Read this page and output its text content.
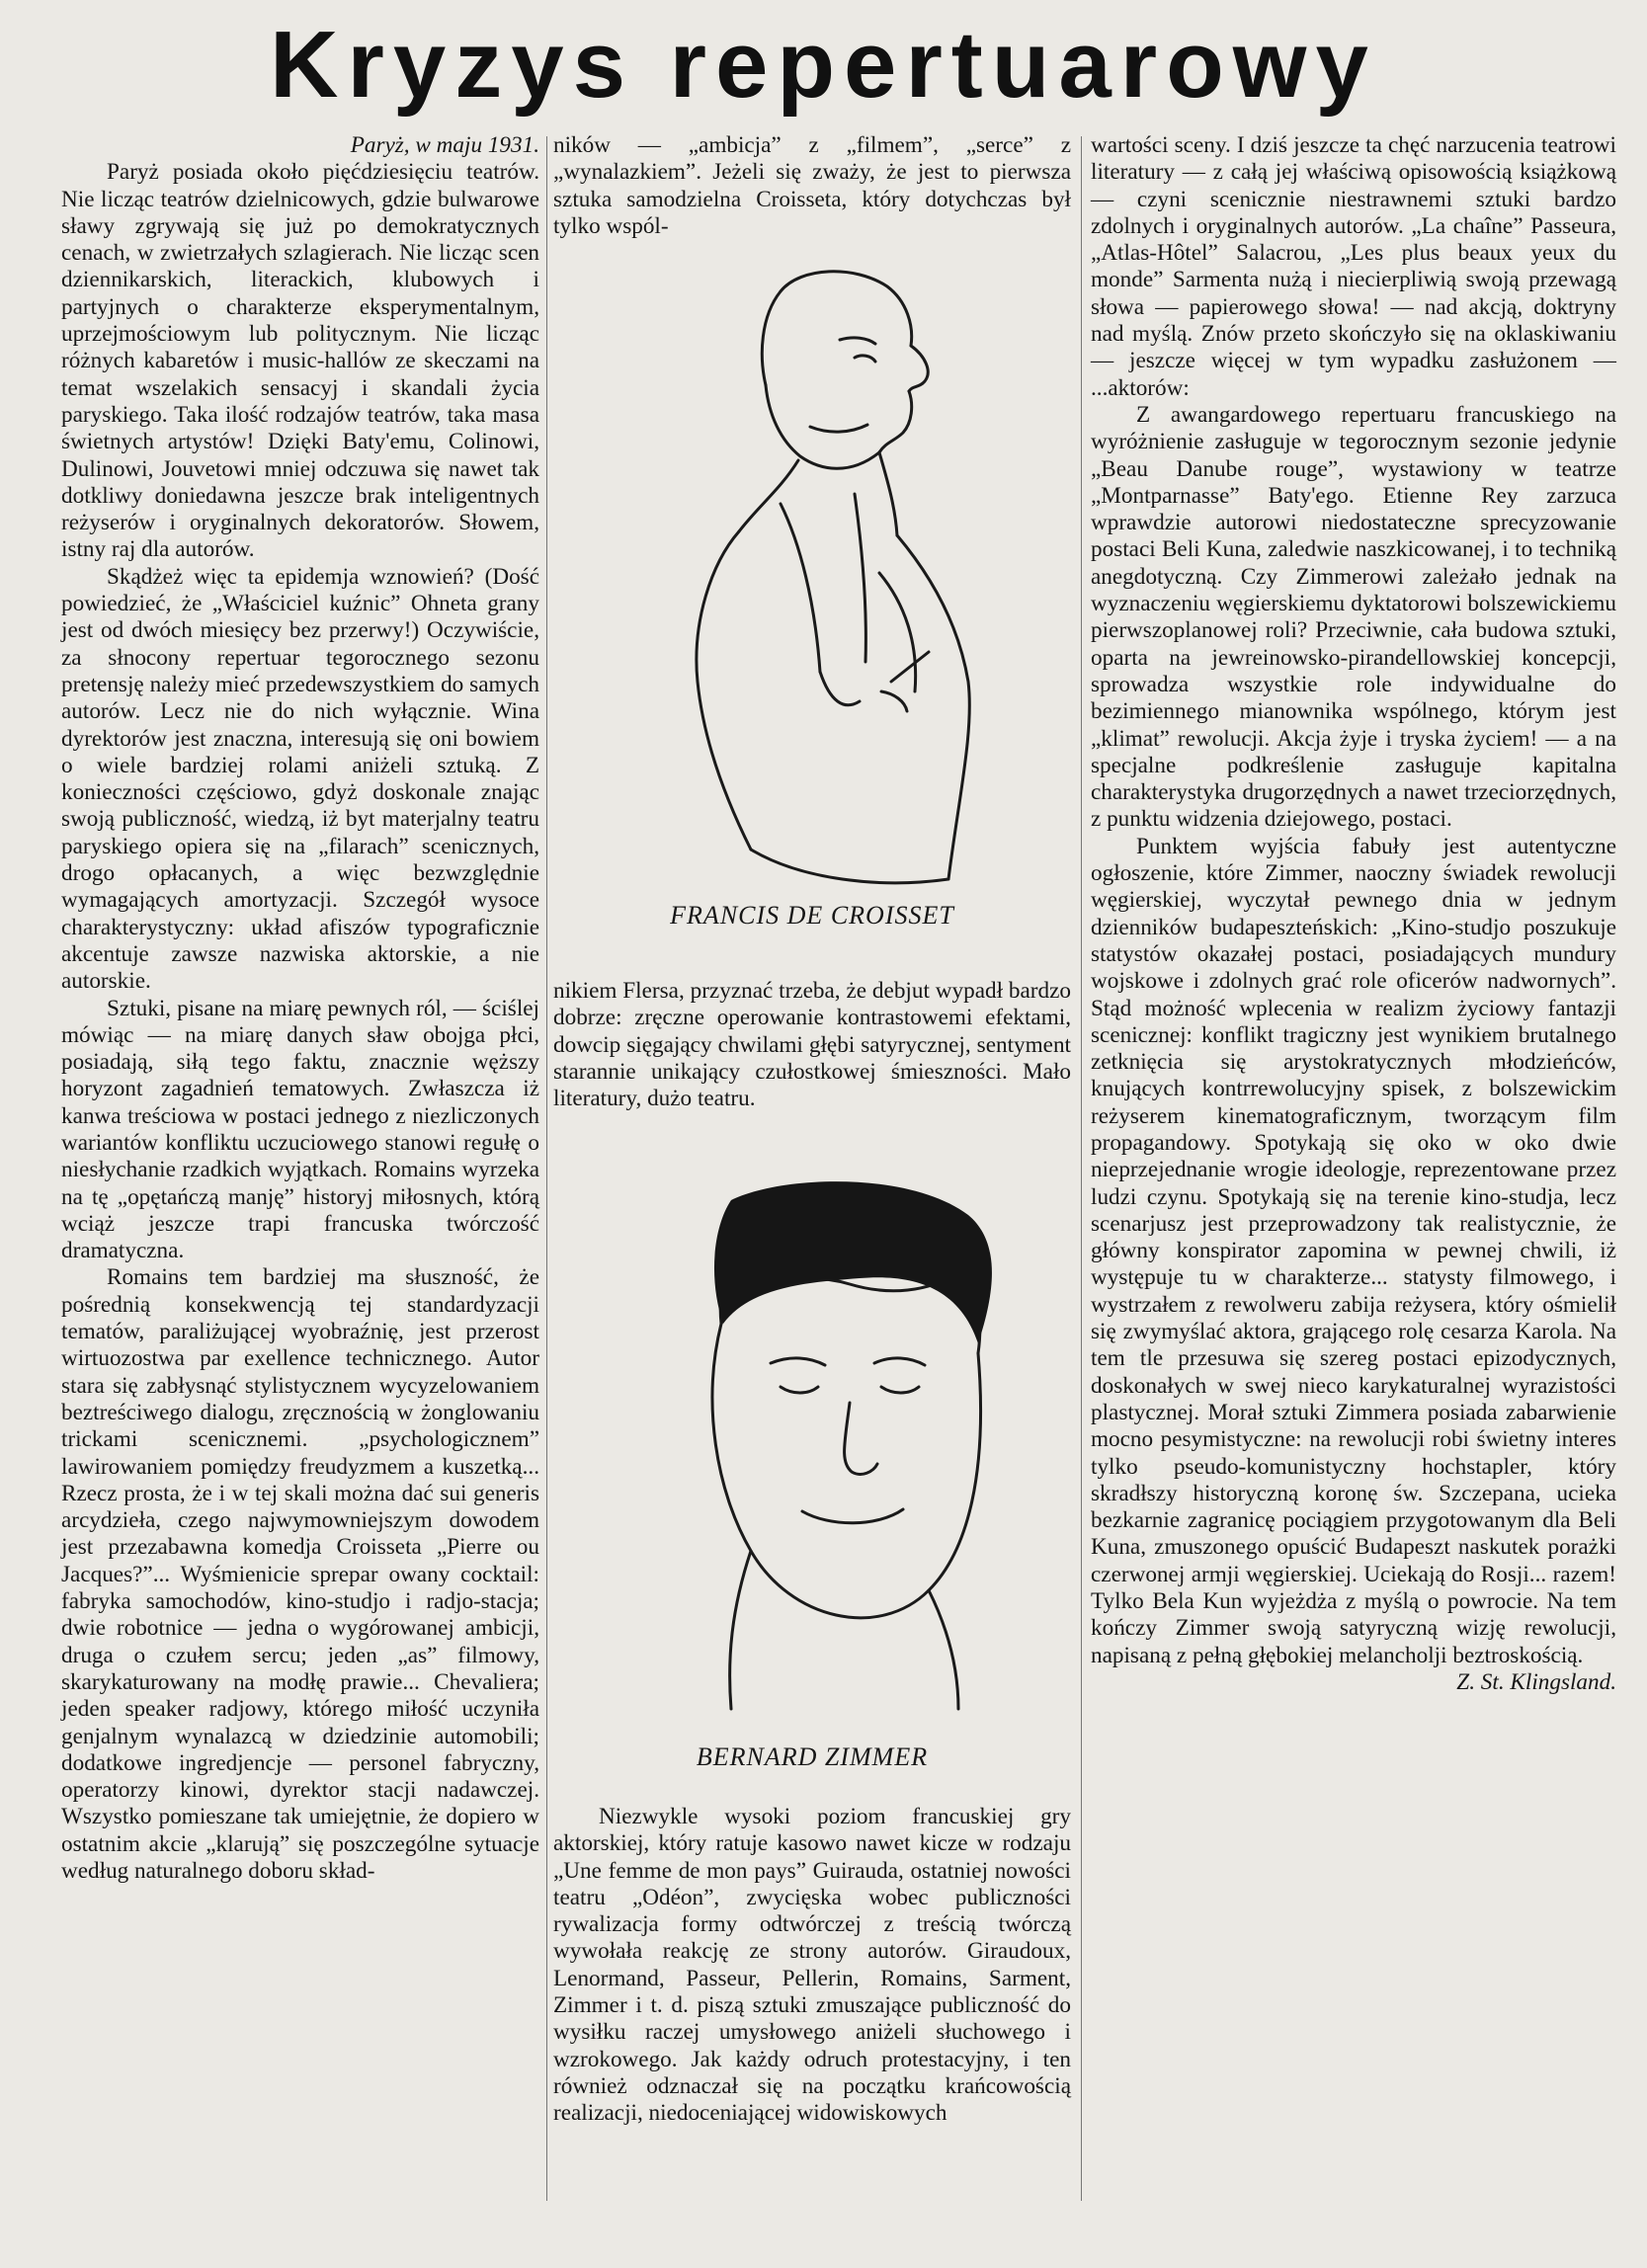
Kryzys repertuarowy

Paryż, w maju 1931.

Paryż posiada około pięćdziesięciu teatrów. Nie licząc teatrów dzielnicowych, gdzie bulwarowe sławy zgrywają się już po demokratycznych cenach, w zwietrzałych szlagierach. Nie licząc scen dziennikarskich, literackich, klubowych i partyjnych o charakterze eksperymentalnym, uprzejmościowym lub politycznym. Nie licząc różnych kabaretów i music-hallów ze skeczami na temat wszelakich sensacyj i skandali życia paryskiego. Taka ilość rodzajów teatrów, taka masa świetnych artystów! Dzięki Baty'emu, Colinowi, Dulinowi, Jouvetowi mniej odczuwa się nawet tak dotkliwy doniedawna jeszcze brak inteligentnych reżyserów i oryginalnych dekoratorów. Słowem, istny raj dla autorów.

Skądżeż więc ta epidemja wznowień? (Dość powiedzieć, że „Właściciel kuźnic” Ohneta grany jest od dwóch miesięcy bez przerwy!) Oczywiście, za słnocony repertuar tegorocznego sezonu pretensję należy mieć przedewszystkiem do samych autorów. Lecz nie do nich wyłącznie. Wina dyrektorów jest znaczna, interesują się oni bowiem o wiele bardziej rolami aniżeli sztuką. Z konieczności częściowo, gdyż doskonale znając swoją publiczność, wiedzą, iż byt materjalny teatru paryskiego opiera się na „filarach” scenicznych, drogo opłacanych, a więc bezwzględnie wymagających amortyzacji. Szczegół wysoce charakterystyczny: układ afiszów typograficznie akcentuje zawsze nazwiska aktorskie, a nie autorskie.

Sztuki, pisane na miarę pewnych ról, — ściślej mówiąc — na miarę danych sław obojga płci, posiadają, siłą tego faktu, znacznie węższy horyzont zagadnień tematowych. Zwłaszcza iż kanwa treściowa w postaci jednego z niezliczonych wariantów konfliktu uczuciowego stanowi regułę o niesłychanie rzadkich wyjątkach. Romains wyrzeka na tę „opętańczą manję” historyj miłosnych, którą wciąż jeszcze trapi francuska twórczość dramatyczna.

Romains tem bardziej ma słuszność, że pośrednią konsekwencją tej standardyzacji tematów, paraliżującej wyobraźnię, jest przerost wirtuozostwa par exellence technicznego. Autor stara się zabłysnąć stylistycznem wycyzelowaniem beztreściwego dialogu, zręcznością w żonglowaniu trickami scenicznemi. „psychologicznem” lawirowaniem pomiędzy freudyzmem a kuszetką... Rzecz prosta, że i w tej skali można dać sui generis arcydzieła, czego najwymowniejszym dowodem jest przezabawna komedja Croisseta „Pierre ou Jacques?”... Wyśmienicie sprepar owany cocktail: fabryka samochodów, kino-studjo i radjo-stacja; dwie robotnice — jedna o wygórowanej ambicji, druga o czułem sercu; jeden „as” filmowy, skarykaturowany na modłę prawie... Chevaliera; jeden speaker radjowy, którego miłość uczyniła genjalnym wynalazcą w dziedzinie automobili; dodatkowe ingredjencje — personel fabryczny, operatorzy kinowi, dyrektor stacji nadawczej. Wszystko pomieszane tak umiejętnie, że dopiero w ostatnim akcie „klarują” się poszczególne sytuacje według naturalnego doboru skład-

ników — „ambicja” z „filmem”, „serce” z „wynalazkiem”. Jeżeli się zważy, że jest to pierwsza sztuka samodzielna Croisseta, który dotychczas był tylko wspól-

FRANCIS DE CROISSET

nikiem Flersa, przyznać trzeba, że debjut wypadł bardzo dobrze: zręczne operowanie kontrastowemi efektami, dowcip sięgający chwilami głębi satyrycznej, sentyment starannie unikający czułostkowej śmieszności. Mało literatury, dużo teatru.

BERNARD ZIMMER

Niezwykle wysoki poziom francuskiej gry aktorskiej, który ratuje kasowo nawet kicze w rodzaju „Une femme de mon pays” Guirauda, ostatniej nowości teatru „Odéon”, zwycięska wobec publiczności rywalizacja formy odtwórczej z treścią twórczą wywołała reakcję ze strony autorów. Giraudoux, Lenormand, Passeur, Pellerin, Romains, Sarment, Zimmer i t. d. piszą sztuki zmuszające publiczność do wysiłku raczej umysłowego aniżeli słuchowego i wzrokowego. Jak każdy odruch protestacyjny, i ten również odznaczał się na początku krańcowością realizacji, niedoceniającej widowiskowych

wartości sceny. I dziś jeszcze ta chęć narzucenia teatrowi literatury — z całą jej właściwą opisowością książkową — czyni scenicznie niestrawnemi sztuki bardzo zdolnych i oryginalnych autorów. „La chaîne” Passeura, „Atlas-Hôtel” Salacrou, „Les plus beaux yeux du monde” Sarmenta nużą i niecierpliwią swoją przewagą słowa — papierowego słowa! — nad akcją, doktryny nad myślą. Znów przeto skończyło się na oklaskiwaniu — jeszcze więcej w tym wypadku zasłużonem — ...aktorów:

Z awangardowego repertuaru francuskiego na wyróżnienie zasługuje w tegorocznym sezonie jedynie „Beau Danube rouge”, wystawiony w teatrze „Montparnasse” Baty'ego. Etienne Rey zarzuca wprawdzie autorowi niedostateczne sprecyzowanie postaci Beli Kuna, zaledwie naszkicowanej, i to techniką anegdotyczną. Czy Zimmerowi zależało jednak na wyznaczeniu węgierskiemu dyktatorowi bolszewickiemu pierwszoplanowej roli? Przeciwnie, cała budowa sztuki, oparta na jewreinowsko-pirandellowskiej koncepcji, sprowadza wszystkie role indywidualne do bezimiennego mianownika wspólnego, którym jest „klimat” rewolucji. Akcja żyje i tryska życiem! — a na specjalne podkreślenie zasługuje kapitalna charakterystyka drugorzędnych a nawet trzeciorzędnych, z punktu widzenia dziejowego, postaci.

Punktem wyjścia fabuły jest autentyczne ogłoszenie, które Zimmer, naoczny świadek rewolucji węgierskiej, wyczytał pewnego dnia w jednym dzienników budapeszteńskich: „Kino-studjo poszukuje statystów okazałej postaci, posiadających mundury wojskowe i zdolnych grać role oficerów nadwornych”. Stąd możność wplecenia w realizm życiowy fantazji scenicznej: konflikt tragiczny jest wynikiem brutalnego zetknięcia się arystokratycznych młodzieńców, knujących kontrrewolucyjny spisek, z bolszewickim reżyserem kinematograficznym, tworzącym film propagandowy. Spotykają się oko w oko dwie nieprzejednanie wrogie ideologje, reprezentowane przez ludzi czynu. Spotykają się na terenie kino-studja, lecz scenarjusz jest przeprowadzony tak realistycznie, że główny konspirator zapomina w pewnej chwili, iż występuje tu w charakterze... statysty filmowego, i wystrzałem z rewolweru zabija reżysera, który ośmielił się zwymyślać aktora, grającego rolę cesarza Karola. Na tem tle przesuwa się szereg postaci epizodycznych, doskonałych w swej nieco karykaturalnej wyrazistości plastycznej. Morał sztuki Zimmera posiada zabarwienie mocno pesymistyczne: na rewolucji robi świetny interes tylko pseudo-komunistyczny hochstapler, który skradłszy historyczną koronę św. Szczepana, ucieka bezkarnie zagranicę pociągiem przygotowanym dla Beli Kuna, zmuszonego opuścić Budapeszt naskutek porażki czerwonej armji węgierskiej. Uciekają do Rosji... razem! Tylko Bela Kun wyjeżdża z myślą o powrocie. Na tem kończy Zimmer swoją satyryczną wizję rewolucji, napisaną z pełną głębokiej melancholji beztroskością.

Z. St. Klingsland.
